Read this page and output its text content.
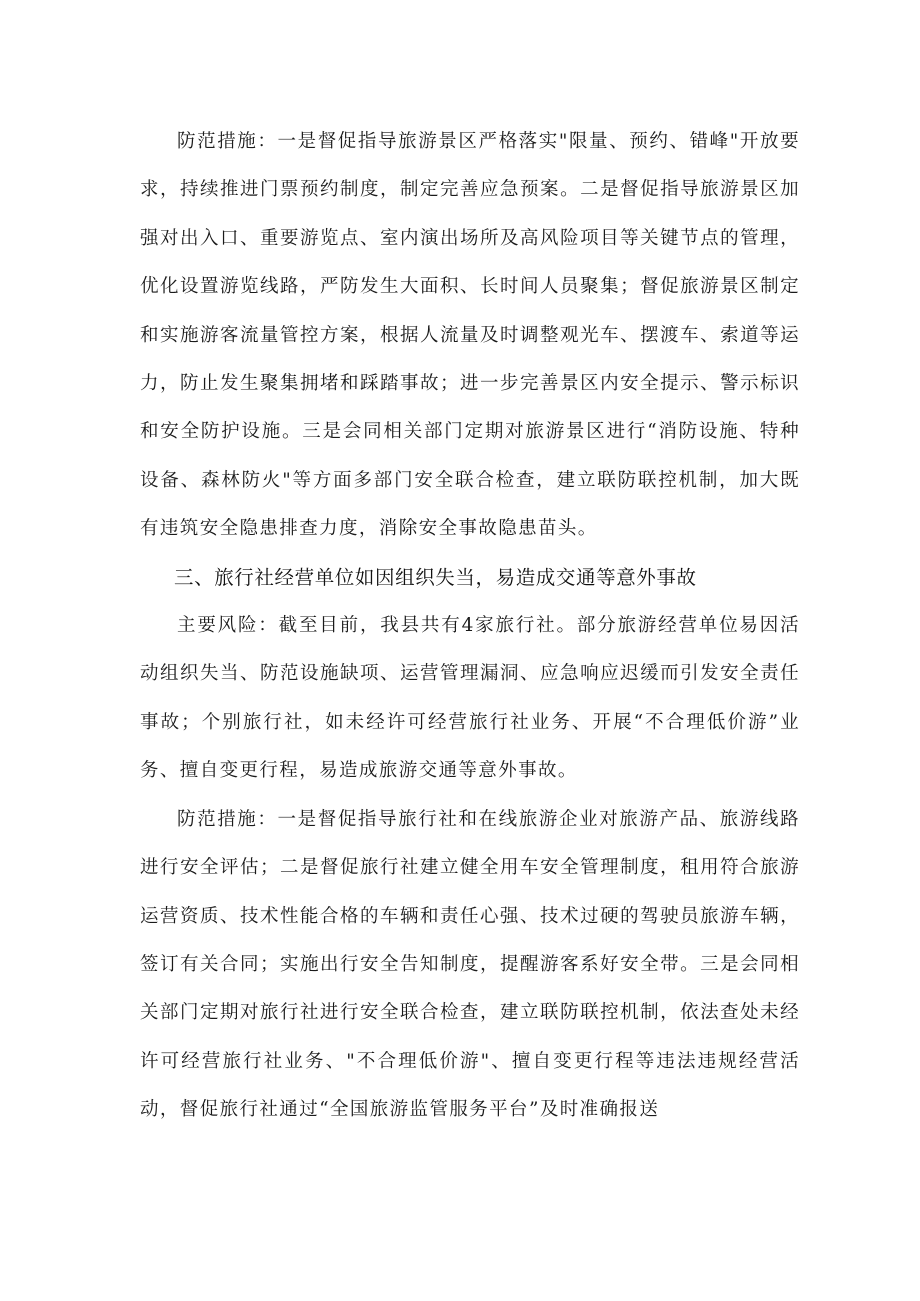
防范措施：一是督促指导旅游景区严格落实"限量、预约、错峰"开放要求，持续推进门票预约制度，制定完善应急预案。二是督促指导旅游景区加强对出入口、重要游览点、室内演出场所及高风险项目等关键节点的管理，优化设置游览线路，严防发生大面积、长时间人员聚集；督促旅游景区制定和实施游客流量管控方案，根据人流量及时调整观光车、摆渡车、索道等运力，防止发生聚集拥堵和踩踏事故；进一步完善景区内安全提示、警示标识和安全防护设施。三是会同相关部门定期对旅游景区进行“消防设施、特种设备、森林防火"等方面多部门安全联合检查，建立联防联控机制，加大既有违筑安全隐患排查力度，消除安全事故隐患苗头。

三、旅行社经营单位如因组织失当，易造成交通等意外事故

主要风险：截至目前，我县共有4家旅行社。部分旅游经营单位易因活动组织失当、防范设施缺项、运营管理漏洞、应急响应迟缓而引发安全责任事故；个别旅行社，如未经许可经营旅行社业务、开展“不合理低价游”业务、擅自变更行程，易造成旅游交通等意外事故。

防范措施：一是督促指导旅行社和在线旅游企业对旅游产品、旅游线路进行安全评估；二是督促旅行社建立健全用车安全管理制度，租用符合旅游运营资质、技术性能合格的车辆和责任心强、技术过硬的驾驶员旅游车辆，签订有关合同；实施出行安全告知制度，提醒游客系好安全带。三是会同相关部门定期对旅行社进行安全联合检查，建立联防联控机制，依法查处未经许可经营旅行社业务、"不合理低价游"、擅自变更行程等违法违规经营活动，督促旅行社通过“全国旅游监管服务平台”及时准确报送
